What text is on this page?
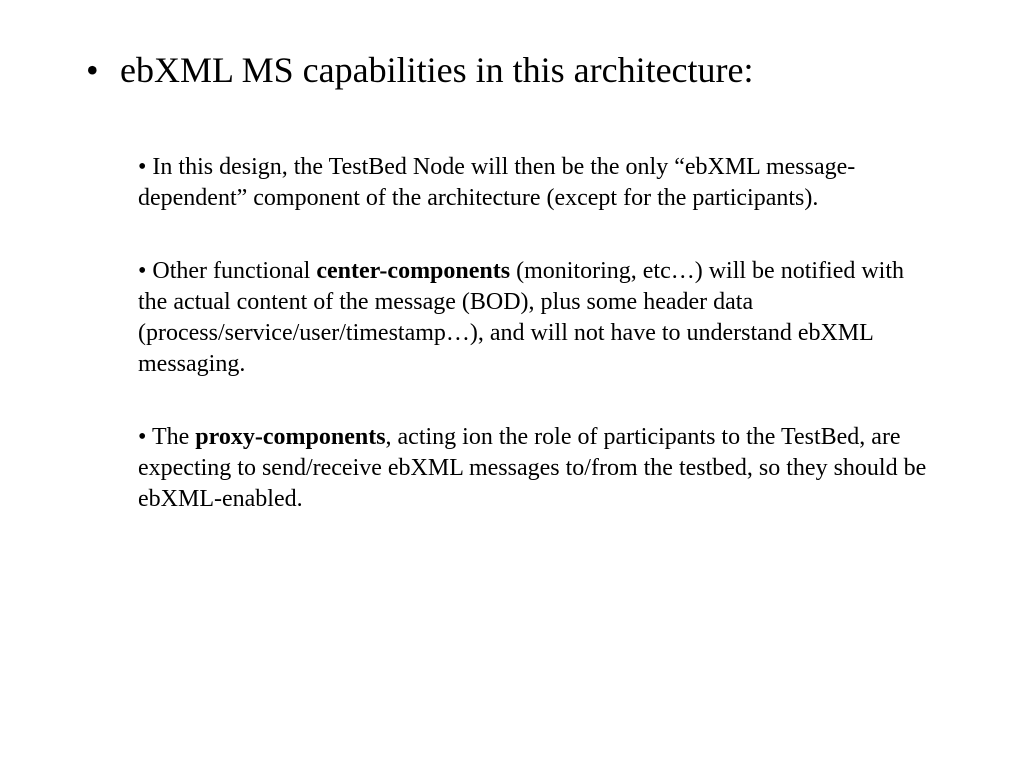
• ebXML MS capabilities in this architecture:

• In this design, the TestBed Node will then be the only “ebXML message-dependent” component of the architecture (except for the participants).

• Other functional center-components (monitoring, etc…) will be notified with the actual content of the message (BOD), plus some header data (process/service/user/timestamp…), and will not have to understand ebXML messaging.

• The proxy-components, acting ion the role of participants to the TestBed, are expecting to send/receive ebXML messages to/from the testbed, so they should be ebXML-enabled.
